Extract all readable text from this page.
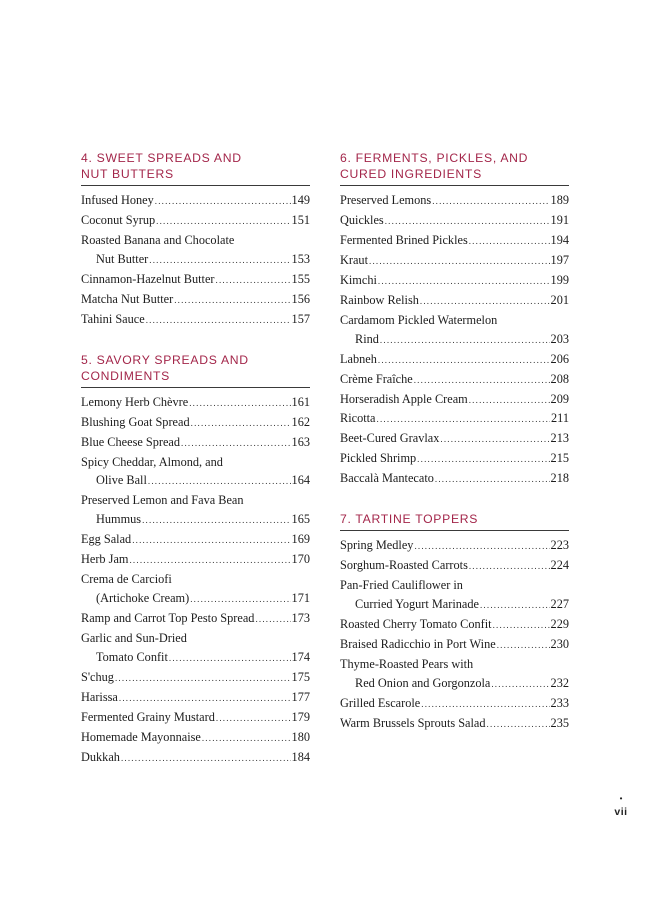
4. SWEET SPREADS AND
NUT BUTTERS
Infused Honey .....	149
Coconut Syrup .....	151
Roasted Banana and Chocolate
Nut Butter .....	153
Cinnamon-Hazelnut Butter .....	155
Matcha Nut Butter .....	156
Tahini Sauce .....	157
5. SAVORY SPREADS AND
CONDIMENTS
Lemony Herb Chèvre .....	161
Blushing Goat Spread .....	162
Blue Cheese Spread .....	163
Spicy Cheddar, Almond, and
Olive Ball .....	164
Preserved Lemon and Fava Bean
Hummus .....	165
Egg Salad .....	169
Herb Jam .....	170
Crema de Carciofi
(Artichoke Cream) .....	171
Ramp and Carrot Top Pesto Spread .....	173
Garlic and Sun-Dried
Tomato Confit .....	174
S'chug .....	175
Harissa .....	177
Fermented Grainy Mustard .....	179
Homemade Mayonnaise .....	180
Dukkah .....	184
6. FERMENTS, PICKLES, AND
CURED INGREDIENTS
Preserved Lemons .....	189
Quickles .....	191
Fermented Brined Pickles .....	194
Kraut .....	197
Kimchi .....	199
Rainbow Relish .....	201
Cardamom Pickled Watermelon
Rind .....	203
Labneh .....	206
Crème Fraîche .....	208
Horseradish Apple Cream .....	209
Ricotta .....	211
Beet-Cured Gravlax .....	213
Pickled Shrimp .....	215
Baccalà Mantecato .....	218
7. TARTINE TOPPERS
Spring Medley .....	223
Sorghum-Roasted Carrots .....	224
Pan-Fried Cauliflower in
Curried Yogurt Marinade .....	227
Roasted Cherry Tomato Confit .....	229
Braised Radicchio in Port Wine .....	230
Thyme-Roasted Pears with
Red Onion and Gorgonzola .....	232
Grilled Escarole .....	233
Warm Brussels Sprouts Salad .....	235
•
vii
